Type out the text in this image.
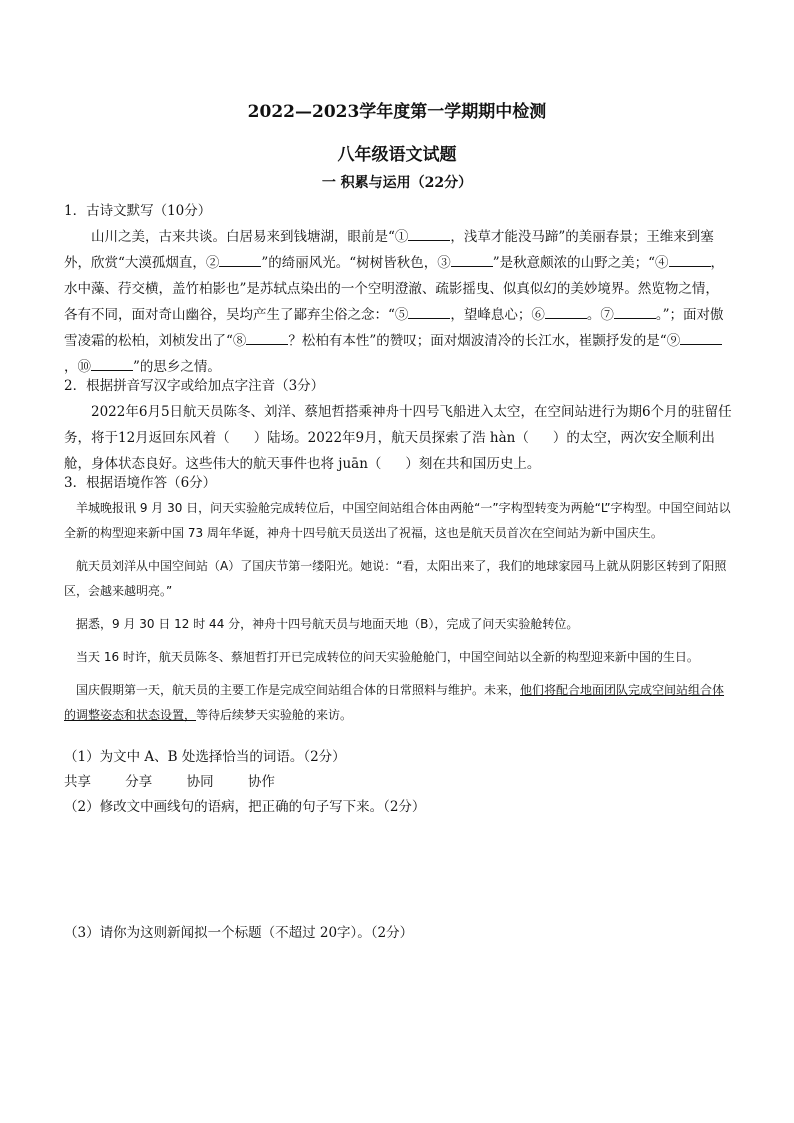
2022—2023学年度第一学期期中检测
八年级语文试题
一 积累与运用（22分）

1．古诗文默写（10分）

山川之美，古来共谈。白居易来到钱塘湖，眼前是“①	，浅草才能没马蹄”的美丽春景；王维来到塞外，欣赏“大漠孤烟直，②	”的绮丽风光。“树树皆秋色，③	”是秋意颇浓的山野之美；“④	，水中藻、荇交横，盖竹柏影也”是苏轼点染出的一个空明澄澈、疏影摇曳、似真似幻的美妙境界。然览物之情，各有不同，面对奇山幽谷，吴均产生了鄙弃尘俗之念：“⑤	，望峰息心；⑥	。⑦	。”；面对傲雪凌霜的松柏，刘桢发出了“⑧	？松柏有本性”的赞叹；面对烟波清冷的长江水，崔颢抒发的是“⑨，⑩	”的思乡之情。

2．根据拼音写汉字或给加点字注音（3分）

2022年6月5日航天员陈冬、刘洋、蔡旭哲搭乘神舟十四号飞船进入太空，在空间站进行为期6个月的驻留任务，将于12月返回东风着（ ）陆场。2022年9月，航天员探索了浩 hàn（ ）的太空，两次安全顺利出舱，身体状态良好。这些伟大的航天事件也将 juān（ ）刻在共和国历史上。

3．根据语境作答（6分）

羊城晚报讯 9 月 30 日，问天实验舱完成转位后，中国空间站组合体由两舱“一”字构型转变为两舱“L”字构型。中国空间站以全新的构型迎来新中国 73 周年华诞，神舟十四号航天员送出了祝福，这也是航天员首次在空间站为新中国庆生。

航天员刘洋从中国空间站（A）了国庆节第一缕阳光。她说：“看，太阳出来了，我们的地球家园马上就从阴影区转到了阳照区，会越来越明亮。”

据悉，9 月 30 日 12 时 44 分，神舟十四号航天员与地面天地（B），完成了问天实验舱转位。

当天 16 时许，航天员陈冬、蔡旭哲打开已完成转位的问天实验舱舱门，中国空间站以全新的构型迎来新中国的生日。

国庆假期第一天，航天员的主要工作是完成空间站组合体的日常照料与维护。未来，他们将配合地面团队完成空间站组合体的调整姿态和状态设置，等待后续梦天实验舱的来访。

（1）为文中 A、B 处选择恰当的词语。（2分）

共享	分享	协同	协作

（2）修改文中画线句的语病，把正确的句子写下来。（2分）

（3）请你为这则新闻拟一个标题（不超过 20字）。（2分）
